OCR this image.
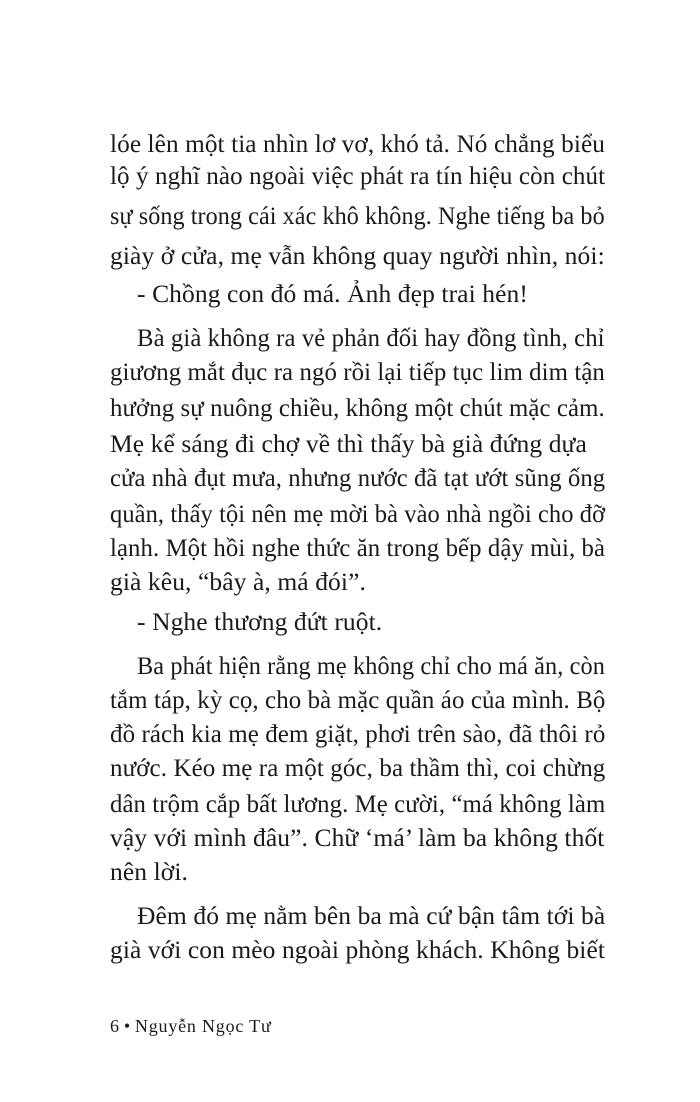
lóe lên một tia nhìn lơ vơ, khó tả. Nó chẳng biểu
lộ ý nghĩ nào ngoài việc phát ra tín hiệu còn chút
sự sống trong cái xác khô không. Nghe tiếng ba bỏ
giày ở cửa, mẹ vẫn không quay người nhìn, nói:
- Chồng con đó má. Ảnh đẹp trai hén!
Bà già không ra vẻ phản đối hay đồng tình, chỉ
giương mắt đục ra ngó rồi lại tiếp tục lim dim tận
hưởng sự nuông chiều, không một chút mặc cảm.
Mẹ kể sáng đi chợ về thì thấy bà già đứng dựa
cửa nhà đụt mưa, nhưng nước đã tạt ướt sũng ống
quần, thấy tội nên mẹ mời bà vào nhà ngồi cho đỡ
lạnh. Một hồi nghe thức ăn trong bếp dậy mùi, bà
già kêu, “bây à, má đói”.
- Nghe thương đứt ruột.
Ba phát hiện rằng mẹ không chỉ cho má ăn, còn
tắm táp, kỳ cọ, cho bà mặc quần áo của mình. Bộ
đồ rách kia mẹ đem giặt, phơi trên sào, đã thôi rỏ
nước. Kéo mẹ ra một góc, ba thầm thì, coi chừng
dân trộm cắp bất lương. Mẹ cười, “má không làm
vậy với mình đâu”. Chữ ‘má’ làm ba không thốt
nên lời.
Đêm đó mẹ nằm bên ba mà cứ bận tâm tới bà
già với con mèo ngoài phòng khách. Không biết
6 • Nguyễn Ngọc Tư
